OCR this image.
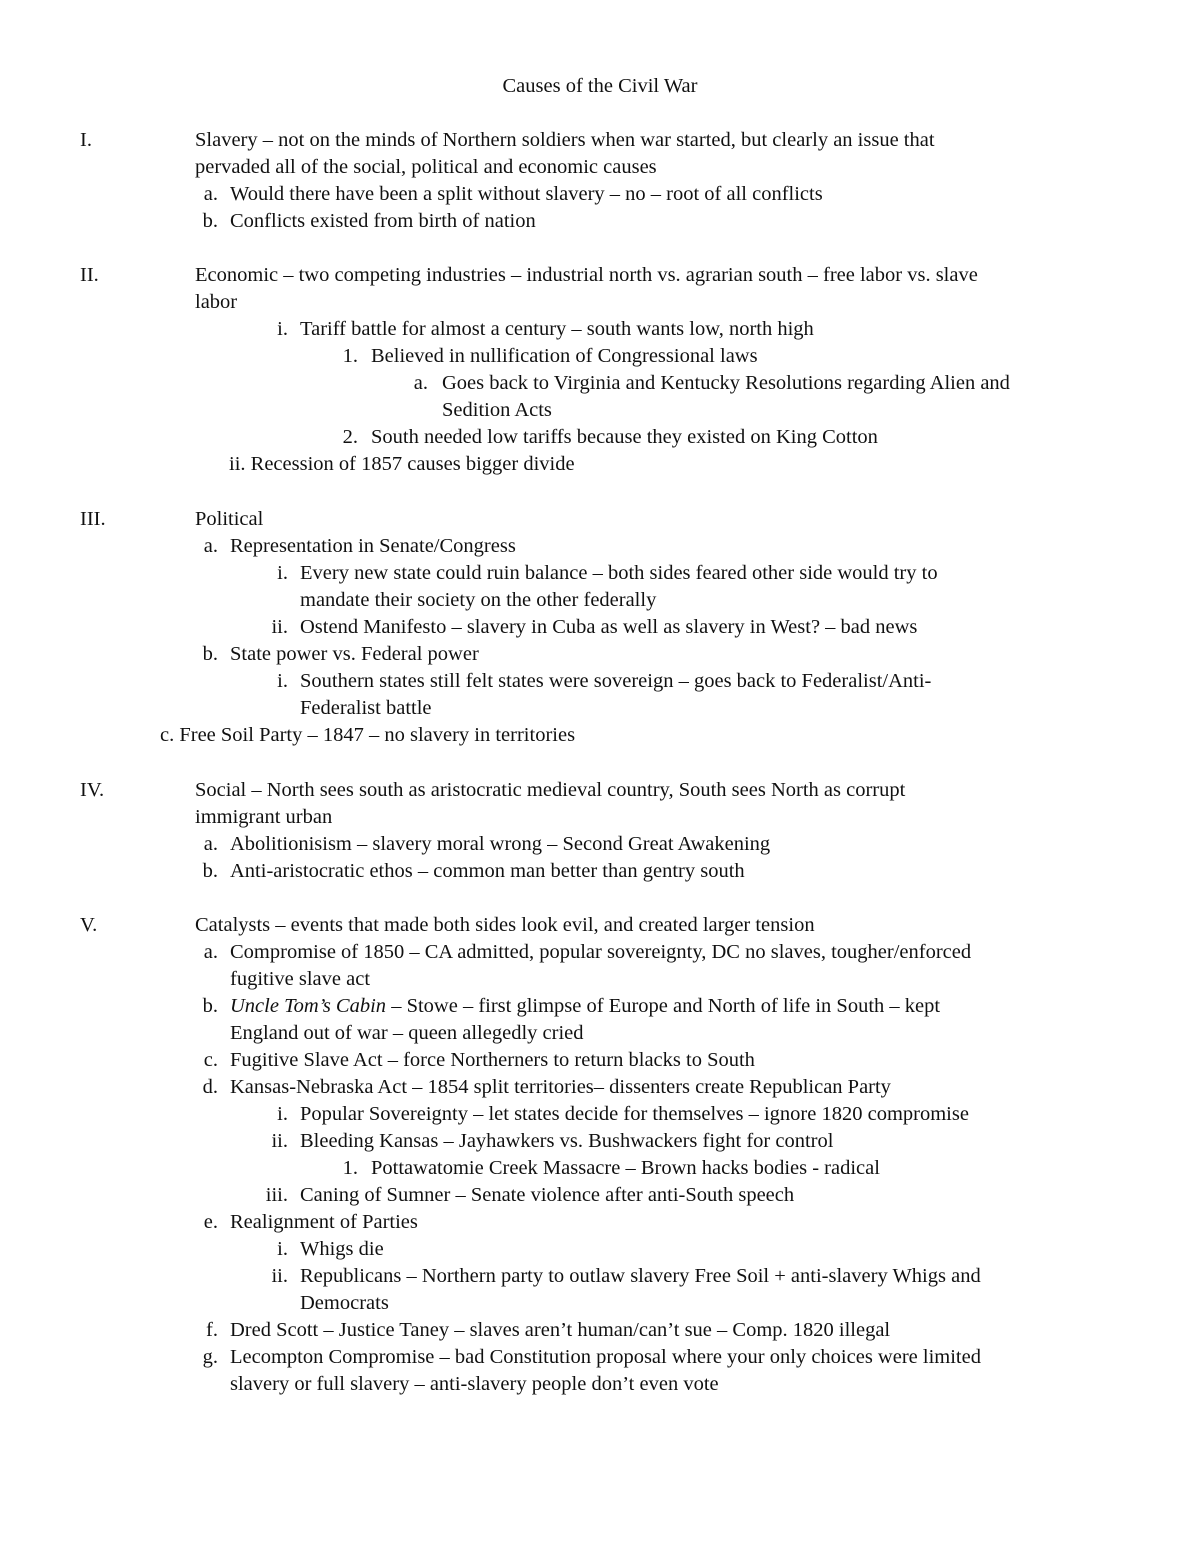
Causes of the Civil War
I.	Slavery – not on the minds of Northern soldiers when war started, but clearly an issue that
pervaded all of the social, political and economic causes
a. Would there have been a split without slavery – no – root of all conflicts
b. Conflicts existed from birth of nation
II.	Economic – two competing industries – industrial north vs. agrarian south – free labor vs. slave
labor
i. Tariff battle for almost a century – south wants low, north high
1. Believed in nullification of Congressional laws
a. Goes back to Virginia and Kentucky Resolutions regarding Alien and
Sedition Acts
2. South needed low tariffs because they existed on King Cotton
ii. Recession of 1857 causes bigger divide
III.	Political
a. Representation in Senate/Congress
i. Every new state could ruin balance – both sides feared other side would try to
mandate their society on the other federally
ii. Ostend Manifesto – slavery in Cuba as well as slavery in West? – bad news
b. State power vs. Federal power
i. Southern states still felt states were sovereign – goes back to Federalist/Anti-
Federalist battle
c. Free Soil Party – 1847 – no slavery in territories
IV.	Social – North sees south as aristocratic medieval country, South sees North as corrupt
immigrant urban
a. Abolitionisism – slavery moral wrong – Second Great Awakening
b. Anti-aristocratic ethos – common man better than gentry south
V.	Catalysts – events that made both sides look evil, and created larger tension
a. Compromise of 1850 – CA admitted, popular sovereignty, DC no slaves, tougher/enforced
fugitive slave act
b. Uncle Tom’s Cabin – Stowe – first glimpse of Europe and North of life in South – kept
England out of war – queen allegedly cried
c. Fugitive Slave Act – force Northerners to return blacks to South
d. Kansas-Nebraska Act – 1854 split territories– dissenters create Republican Party
i. Popular Sovereignty – let states decide for themselves – ignore 1820 compromise
ii. Bleeding Kansas – Jayhawkers vs. Bushwackers fight for control
1. Pottawatomie Creek Massacre – Brown hacks bodies - radical
iii. Caning of Sumner – Senate violence after anti-South speech
e. Realignment of Parties
i. Whigs die
ii. Republicans – Northern party to outlaw slavery Free Soil + anti-slavery Whigs and
Democrats
f. Dred Scott – Justice Taney – slaves aren’t human/can’t sue – Comp. 1820 illegal
g. Lecompton Compromise – bad Constitution proposal where your only choices were limited
slavery or full slavery – anti-slavery people don’t even vote
